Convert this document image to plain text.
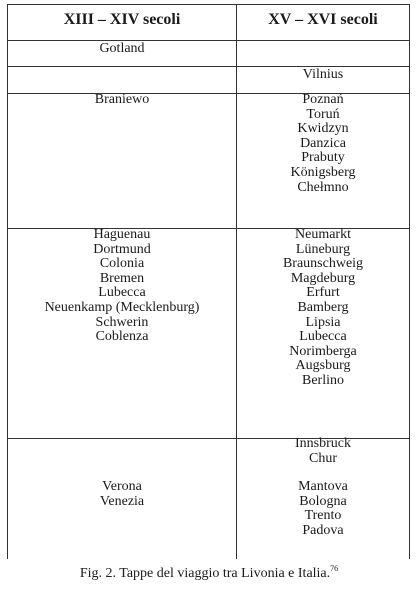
XIII – XIV secoli	XV – XVI secoli
Gotland
Vilnius
Braniewo	Poznań
Toruń
Kwidzyn
Danzica
Prabuty
Königsberg
Chełmno
Haguenau
Dortmund
Colonia
Bremen
Lubecca
Neuenkamp (Mecklenburg)
Schwerin
Coblenza
Neumarkt
Lüneburg
Braunschweig
Magdeburg
Erfurt
Bamberg
Lipsia
Lubecca
Norimberga
Augsburg
Berlino
Innsbruck
Chur
Verona
Venezia
Mantova
Bologna
Trento
Padova
Fig. 2. Tappe del viaggio tra Livonia e Italia.$^{76}$
